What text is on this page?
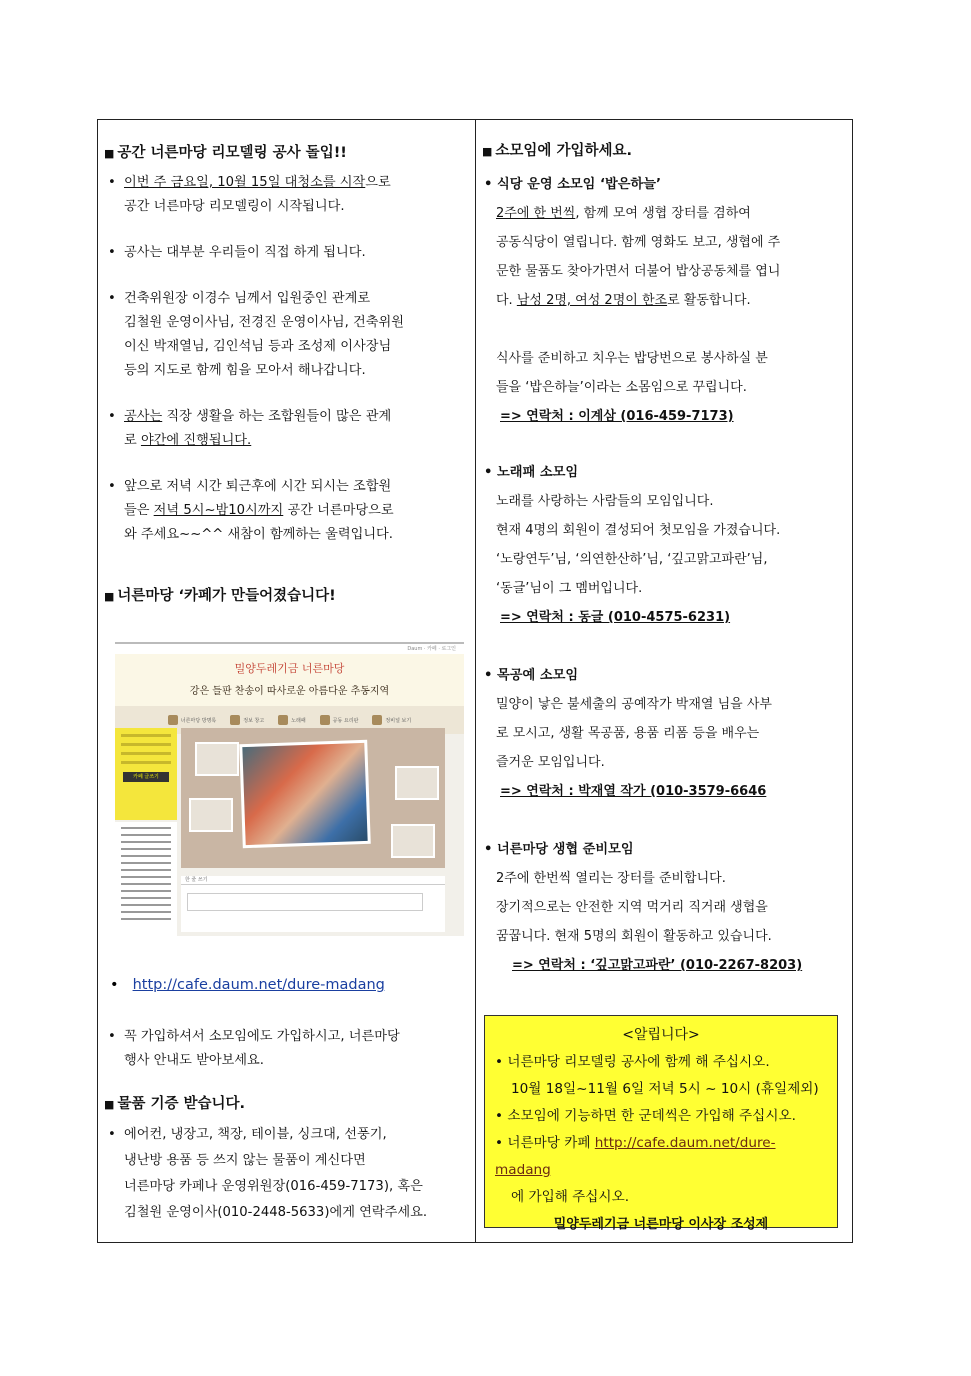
■ 공간 너른마당 리모델링 공사 돌입!!

• 이번 주 금요일, 10월 15일 대청소를 시작으로
공간 너른마당 리모델링이 시작됩니다.

• 공사는 대부분 우리들이 직접 하게 됩니다.

• 건축위원장 이경수 님께서 입원중인 관계로
김철원 운영이사님, 전경진 운영이사님, 건축위원
이신 박재열님, 김인석님 등과 조성제 이사장님
등의 지도로 함께 힘을 모아서 해나갑니다.

• 공사는 직장 생활을 하는 조합원들이 많은 관계
로 야간에 진행됩니다.

• 앞으로 저녁 시간 퇴근후에 시간 되시는 조합원
들은 저녁 5시~밤10시까지 공간 너른마당으로
와 주세요~~^^ 새참이 함께하는 울력입니다.

■ 너른마당 ‘카페가 만들어졌습니다!

Daum · 카페 · 로그인
밀양두레기금 너른마당
강은 들판 찬송이 따사로운 아름다운 추동지역
너른마당 방명록	정보 창고	노래패	공동 요리판	정비널 보기
카페 글쓰기
한 줄 쓰기
• http://cafe.daum.net/dure-madang

• 꼭 가입하셔서 소모임에도 가입하시고, 너른마당
행사 안내도 받아보세요.

■ 물품 기증 받습니다.

• 에어컨, 냉장고, 책장, 테이블, 싱크대, 선풍기,
냉난방 용품 등 쓰지 않는 물품이 계신다면
너른마당 카페나 운영위원장(016-459-7173), 혹은
김철원 운영이사(010-2448-5633)에게 연락주세요.

■ 소모임에 가입하세요.

• 식당 운영 소모임 ‘밥은하늘’

2주에 한 번씩, 함께 모여 생협 장터를 겸하여
공동식당이 열립니다. 함께 영화도 보고, 생협에 주
문한 물품도 찾아가면서 더불어 밥상공동체를 엽니
다. 남성 2명, 여성 2명이 한조로 활동합니다.

식사를 준비하고 치우는 밥당번으로 봉사하실 분
들을 ‘밥은하늘’이라는 소몸임으로 꾸립니다.

=> 연락처 : 이계삼 (016-459-7173)

• 노래패 소모임

노래를 사랑하는 사람들의 모임입니다.
현재 4명의 회원이 결성되어 첫모임을 가졌습니다.
‘노랑연두’님, ‘의연한산하’님, ‘깊고맑고파란’님,
‘동글’님이 그 멤버입니다.

=> 연락처 : 동글 (010-4575-6231)

• 목공예 소모임

밀양이 낳은 불세출의 공예작가 박재열 님을 사부
로 모시고, 생활 목공품, 용품 리폼 등을 배우는
즐거운 모임입니다.

=> 연락처 : 박재열 작가 (010-3579-6646

• 너른마당 생협 준비모임

2주에 한번씩 열리는 장터를 준비합니다.
장기적으로는 안전한 지역 먹거리 직거래 생협을
꿈꿉니다. 현재 5명의 회원이 활동하고 있습니다.

=> 연락처 : ‘깊고맑고파란’ (010-2267-8203)

<알립니다>

• 너른마당 리모델링 공사에 함께 해 주십시오.

10월 18일~11월 6일 저녁 5시 ~ 10시 (휴일제외)

• 소모임에 기능하면 한 군데씩은 가입해 주십시오.

• 너른마당 카페 http://cafe.daum.net/dure-madang

에 가입해 주십시오.

밀양두레기금 너른마당 이사장 조성제
